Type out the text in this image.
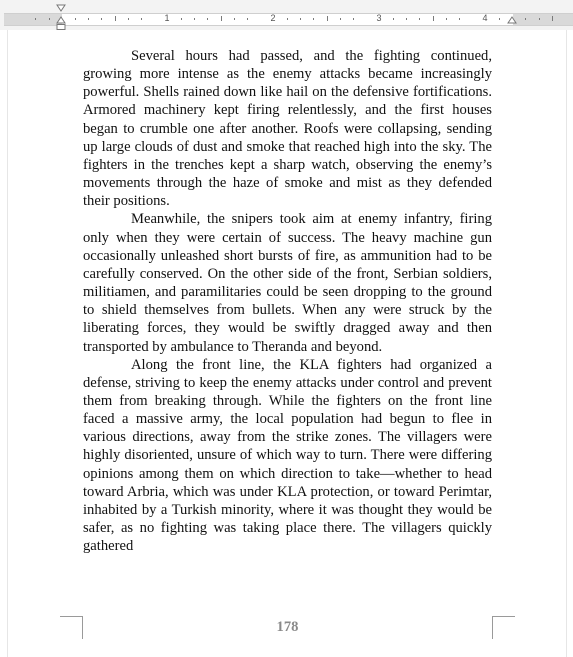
1	2	3	4

Several hours had passed, and the fighting continued, growing more intense as the enemy attacks became increasingly powerful. Shells rained down like hail on the defensive fortifications. Armored machinery kept firing relentlessly, and the first houses began to crumble one after another. Roofs were collapsing, sending up large clouds of dust and smoke that reached high into the sky. The fighters in the trenches kept a sharp watch, observing the enemy’s movements through the haze of smoke and mist as they defended their positions.

Meanwhile, the snipers took aim at enemy infantry, firing only when they were certain of success. The heavy machine gun occasionally unleashed short bursts of fire, as ammunition had to be carefully conserved. On the other side of the front, Serbian soldiers, militiamen, and paramilitaries could be seen dropping to the ground to shield themselves from bullets. When any were struck by the liberating forces, they would be swiftly dragged away and then transported by ambulance to Theranda and beyond.

Along the front line, the KLA fighters had organized a defense, striving to keep the enemy attacks under control and prevent them from breaking through. While the fighters on the front line faced a massive army, the local population had begun to flee in various directions, away from the strike zones. The villagers were highly disoriented, unsure of which way to turn. There were differing opinions among them on which direction to take—whether to head toward Arbria, which was under KLA protection, or toward Perimtar, inhabited by a Turkish minority, where it was thought they would be safer, as no fighting was taking place there. The villagers quickly gathered

178
